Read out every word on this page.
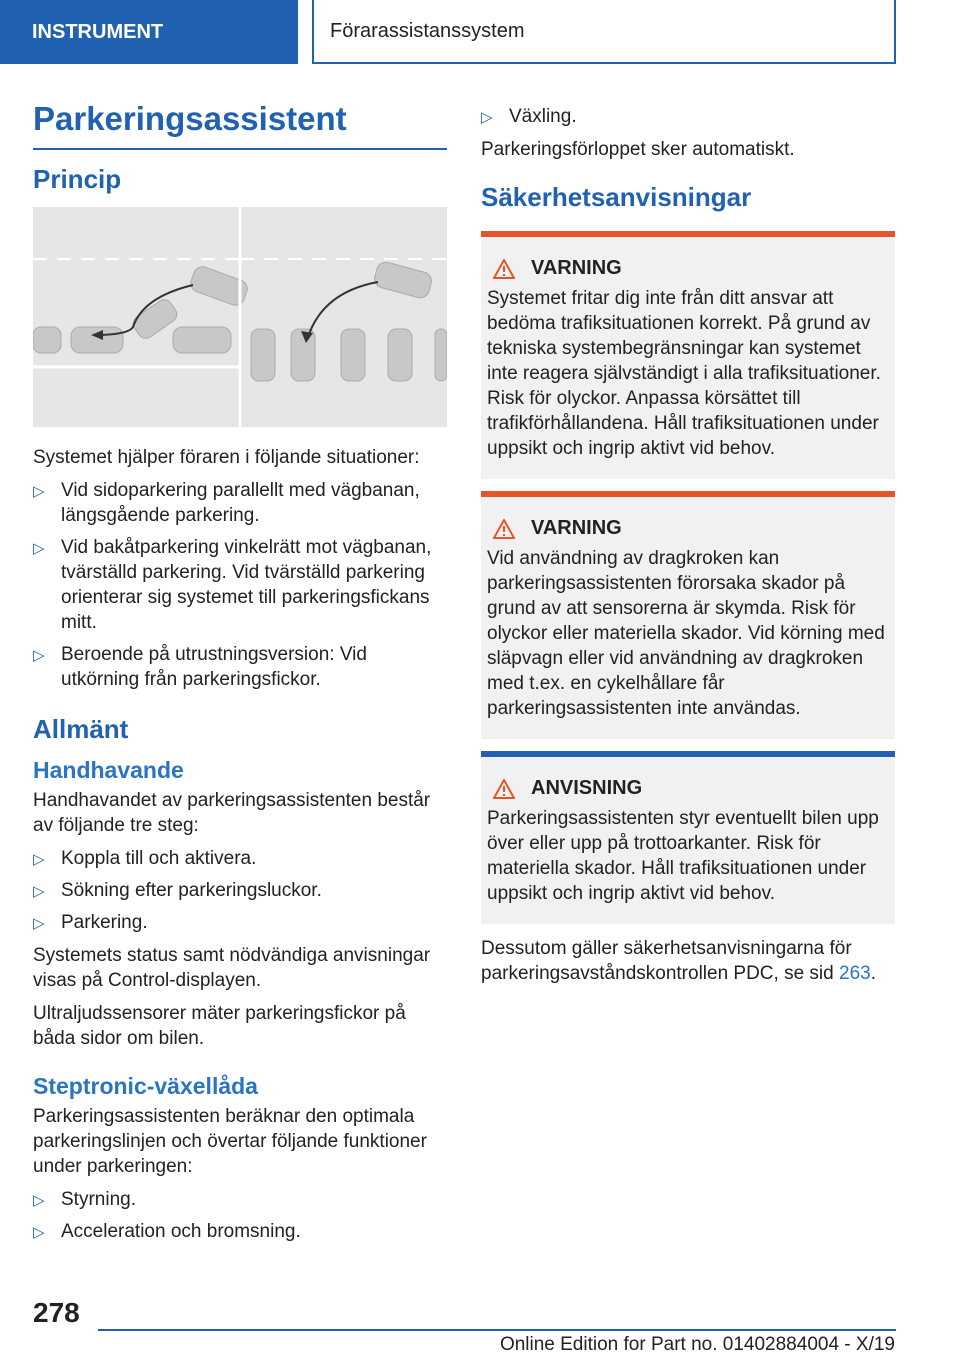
INSTRUMENT	Förarassistanssystem
Parkeringsassistent
Princip

Systemet hjälper föraren i följande situationer:

▷ Vid sidoparkering parallellt med vägbanan, längsgående parkering.
▷ Vid bakåtparkering vinkelrätt mot vägbanan, tvärställd parkering. Vid tvärställd parkering orienterar sig systemet till parkeringsfickans mitt.
▷ Beroende på utrustningsversion: Vid utkörning från parkeringsfickor.
Allmänt
Handhavande

Handhavandet av parkeringsassistenten består av följande tre steg:

▷ Koppla till och aktivera.
▷ Sökning efter parkeringsluckor.
▷ Parkering.

Systemets status samt nödvändiga anvisningar visas på Control-displayen.

Ultraljudssensorer mäter parkeringsfickor på båda sidor om bilen.

Steptronic-växellåda

Parkeringsassistenten beräknar den optimala parkeringslinjen och övertar följande funktioner under parkeringen:

▷ Styrning.
▷ Acceleration och bromsning.
▷ Växling.

Parkeringsförloppet sker automatiskt.

Säkerhetsanvisningar
VARNING

Systemet fritar dig inte från ditt ansvar att bedöma trafiksituationen korrekt. På grund av tekniska systembegränsningar kan systemet inte reagera självständigt i alla trafiksituationer. Risk för olyckor. Anpassa körsättet till trafikförhållandena. Håll trafiksituationen under uppsikt och ingrip aktivt vid behov.

VARNING

Vid användning av dragkroken kan parkeringsassistenten förorsaka skador på grund av att sensorerna är skymda. Risk för olyckor eller materiella skador. Vid körning med släpvagn eller vid användning av dragkroken med t.ex. en cykelhållare får parkeringsassistenten inte användas.

ANVISNING

Parkeringsassistenten styr eventuellt bilen upp över eller upp på trottoarkanter. Risk för materiella skador. Håll trafiksituationen under uppsikt och ingrip aktivt vid behov.

Dessutom gäller säkerhetsanvisningarna för parkeringsavståndskontrollen PDC, se sid 263.

278
Online Edition for Part no. 01402884004 - X/19
